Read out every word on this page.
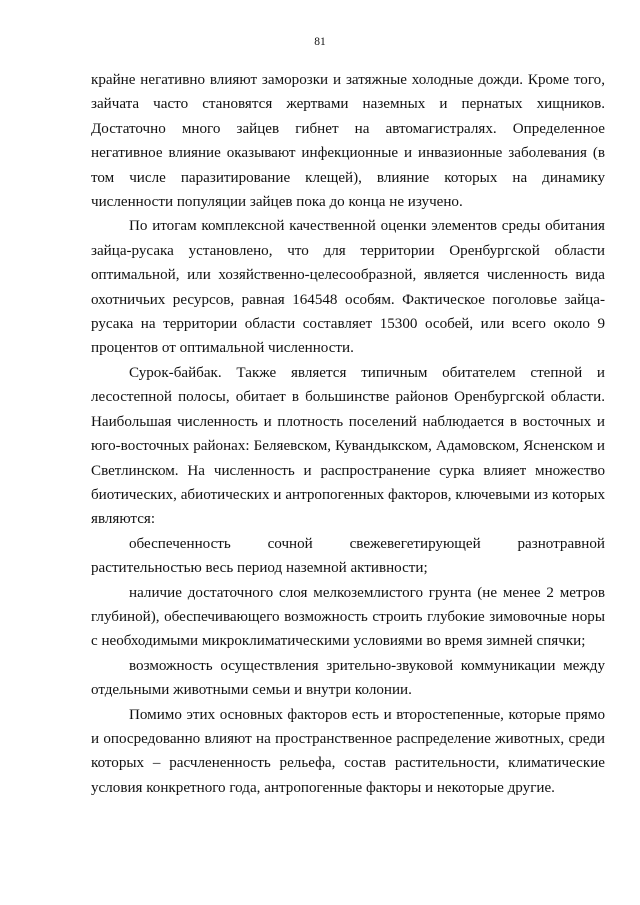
81

крайне негативно влияют заморозки и затяжные холодные дожди. Кроме того, зайчата часто становятся жертвами наземных и пернатых хищников. Достаточно много зайцев гибнет на автомагистралях. Определенное негативное влияние оказывают инфекционные и инвазионные заболевания (в том числе паразитирование клещей), влияние которых на динамику численности популяции зайцев пока до конца не изучено.

По итогам комплексной качественной оценки элементов среды обитания зайца-русака установлено, что для территории Оренбургской области оптимальной, или хозяйственно-целесообразной, является численность вида охотничьих ресурсов, равная 164548 особям. Фактическое поголовье зайца-русака на территории области составляет 15300 особей, или всего около 9 процентов от оптимальной численности.

Сурок-байбак. Также является типичным обитателем степной и лесостепной полосы, обитает в большинстве районов Оренбургской области. Наибольшая численность и плотность поселений наблюдается в восточных и юго-восточных районах: Беляевском, Кувандыкском, Адамовском, Ясненском и Светлинском. На численность и распространение сурка влияет множество биотических, абиотических и антропогенных факторов, ключевыми из которых являются:

обеспеченность сочной свежевегетирующей разнотравной растительностью весь период наземной активности;

наличие достаточного слоя мелкоземлистого грунта (не менее 2 метров глубиной), обеспечивающего возможность строить глубокие зимовочные норы с необходимыми микроклиматическими условиями во время зимней спячки;

возможность осуществления зрительно-звуковой коммуникации между отдельными животными семьи и внутри колонии.

Помимо этих основных факторов есть и второстепенные, которые прямо и опосредованно влияют на пространственное распределение животных, среди которых – расчлененность рельефа, состав растительности, климатические условия конкретного года, антропогенные факторы и некоторые другие.
